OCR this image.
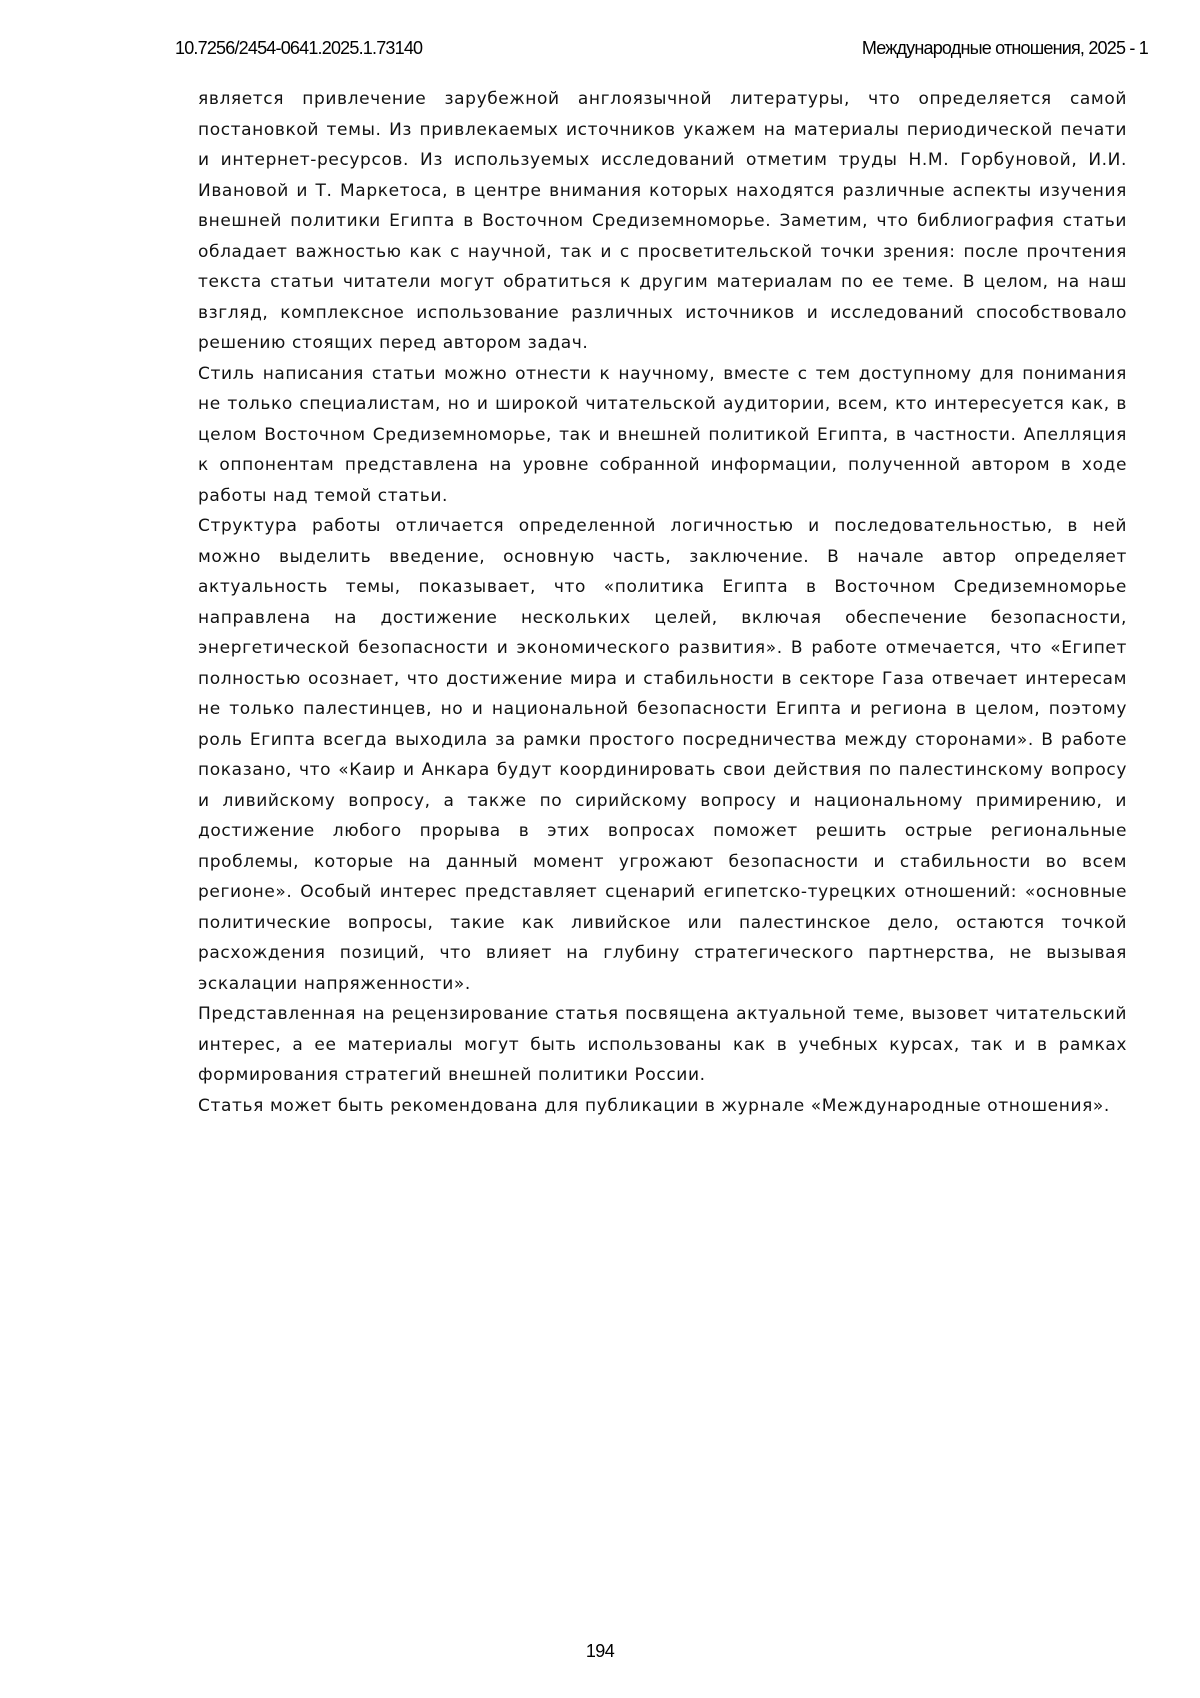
10.7256/2454-0641.2025.1.73140	Международные отношения, 2025 - 1

является привлечение зарубежной англоязычной литературы, что определяется самой постановкой темы. Из привлекаемых источников укажем на материалы периодической печати и интернет-ресурсов. Из используемых исследований отметим труды Н.М. Горбуновой, И.И. Ивановой и Т. Маркетоса, в центре внимания которых находятся различные аспекты изучения внешней политики Египта в Восточном Средиземноморье. Заметим, что библиография статьи обладает важностью как с научной, так и с просветительской точки зрения: после прочтения текста статьи читатели могут обратиться к другим материалам по ее теме. В целом, на наш взгляд, комплексное использование различных источников и исследований способствовало решению стоящих перед автором задач.

Стиль написания статьи можно отнести к научному, вместе с тем доступному для понимания не только специалистам, но и широкой читательской аудитории, всем, кто интересуется как, в целом Восточном Средиземноморье, так и внешней политикой Египта, в частности. Апелляция к оппонентам представлена на уровне собранной информации, полученной автором в ходе работы над темой статьи.

Структура работы отличается определенной логичностью и последовательностью, в ней можно выделить введение, основную часть, заключение. В начале автор определяет актуальность темы, показывает, что «политика Египта в Восточном Средиземноморье направлена на достижение нескольких целей, включая обеспечение безопасности, энергетической безопасности и экономического развития». В работе отмечается, что «Египет полностью осознает, что достижение мира и стабильности в секторе Газа отвечает интересам не только палестинцев, но и национальной безопасности Египта и региона в целом, поэтому роль Египта всегда выходила за рамки простого посредничества между сторонами». В работе показано, что «Каир и Анкара будут координировать свои действия по палестинскому вопросу и ливийскому вопросу, а также по сирийскому вопросу и национальному примирению, и достижение любого прорыва в этих вопросах поможет решить острые региональные проблемы, которые на данный момент угрожают безопасности и стабильности во всем регионе». Особый интерес представляет сценарий египетско-турецких отношений: «основные политические вопросы, такие как ливийское или палестинское дело, остаются точкой расхождения позиций, что влияет на глубину стратегического партнерства, не вызывая эскалации напряженности».

Представленная на рецензирование статья посвящена актуальной теме, вызовет читательский интерес, а ее материалы могут быть использованы как в учебных курсах, так и в рамках формирования стратегий внешней политики России.

Статья может быть рекомендована для публикации в журнале «Международные отношения».

194
